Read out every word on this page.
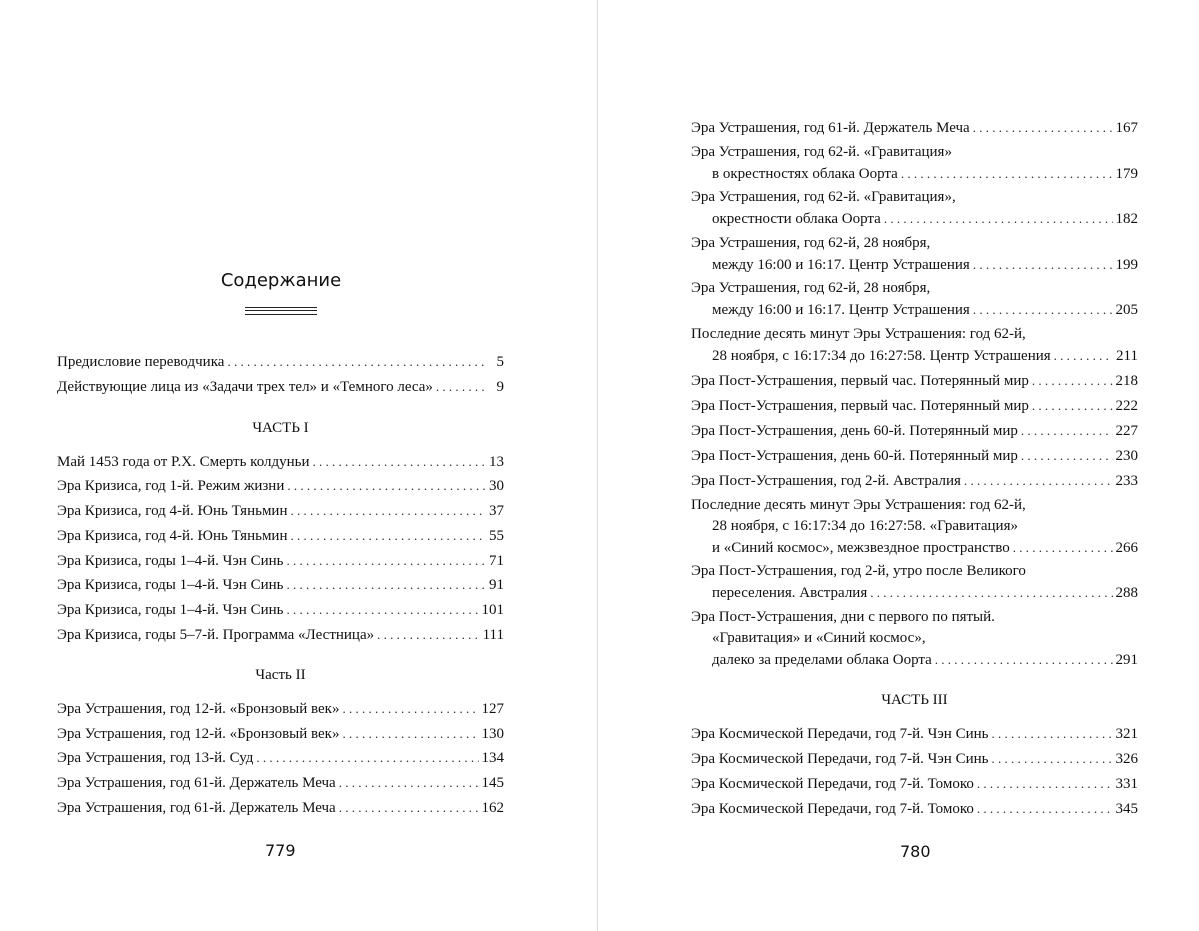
Содержание
Предисловие переводчика . . .	5
Действующие лица из «Задачи трех тел» и «Темного леса» . . .	9
ЧАСТЬ I
Май 1453 года от Р.Х. Смерть колдуньи . . .	13
Эра Кризиса, год 1-й. Режим жизни . . .	30
Эра Кризиса, год 4-й. Юнь Тяньмин . . .	37
Эра Кризиса, год 4-й. Юнь Тяньмин . . .	55
Эра Кризиса, годы 1–4-й. Чэн Синь . . .	71
Эра Кризиса, годы 1–4-й. Чэн Синь . . .	91
Эра Кризиса, годы 1–4-й. Чэн Синь . . .	101
Эра Кризиса, годы 5–7-й. Программа «Лестница» . . .	111
Часть II
Эра Устрашения, год 12-й. «Бронзовый век» . . .	127
Эра Устрашения, год 12-й. «Бронзовый век» . . .	130
Эра Устрашения, год 13-й. Суд . . .	134
Эра Устрашения, год 61-й. Держатель Меча . . .	145
Эра Устрашения, год 61-й. Держатель Меча . . .	162
779
Эра Устрашения, год 61-й. Держатель Меча . . .	167
Эра Устрашения, год 62-й. «Гравитация»
в окрестностях облака Оорта . . .	179
Эра Устрашения, год 62-й. «Гравитация»,
окрестности облака Оорта . . .	182
Эра Устрашения, год 62-й, 28 ноября,
между 16:00 и 16:17. Центр Устрашения . . .	199
Эра Устрашения, год 62-й, 28 ноября,
между 16:00 и 16:17. Центр Устрашения . . .	205
Последние десять минут Эры Устрашения: год 62-й,
28 ноября, с 16:17:34 до 16:27:58. Центр Устрашения . . .	211
Эра Пост-Устрашения, первый час. Потерянный мир . . .	218
Эра Пост-Устрашения, первый час. Потерянный мир . . .	222
Эра Пост-Устрашения, день 60-й. Потерянный мир . . .	227
Эра Пост-Устрашения, день 60-й. Потерянный мир . . .	230
Эра Пост-Устрашения, год 2-й. Австралия . . .	233
Последние десять минут Эры Устрашения: год 62-й,
28 ноября, с 16:17:34 до 16:27:58. «Гравитация»
и «Синий космос», межзвездное пространство . . .	266
Эра Пост-Устрашения, год 2-й, утро после Великого
переселения. Австралия . . .	288
Эра Пост-Устрашения, дни с первого по пятый.
«Гравитация» и «Синий космос»,
далеко за пределами облака Оорта . . .	291
ЧАСТЬ III
Эра Космической Передачи, год 7-й. Чэн Синь . . .	321
Эра Космической Передачи, год 7-й. Чэн Синь . . .	326
Эра Космической Передачи, год 7-й. Томоко . . .	331
Эра Космической Передачи, год 7-й. Томоко . . .	345
780
